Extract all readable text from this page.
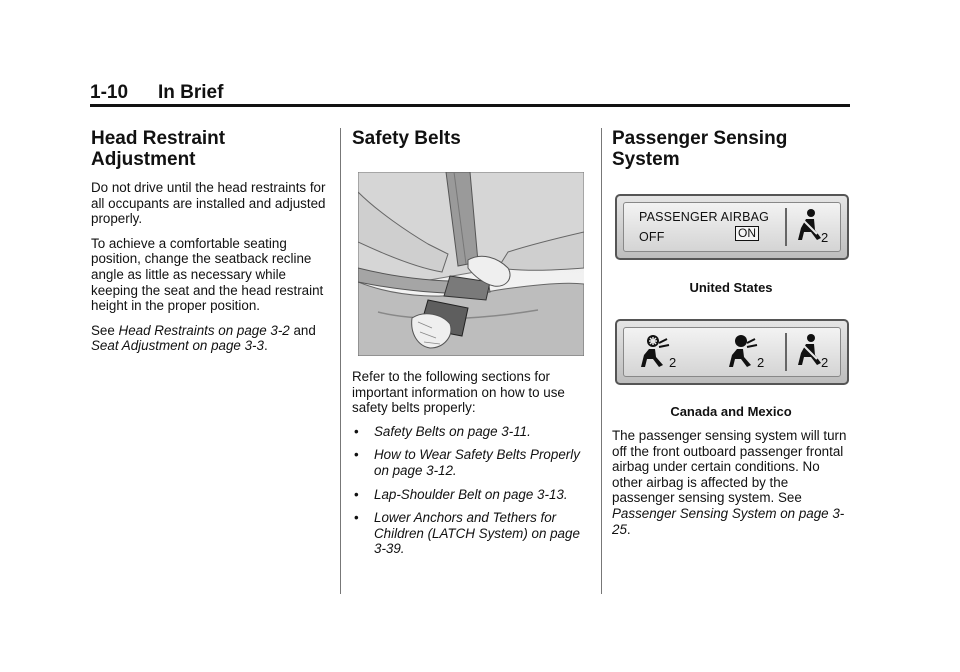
1-10 In Brief
Head Restraint Adjustment

Do not drive until the head restraints for all occupants are installed and adjusted properly.

To achieve a comfortable seating position, change the seatback recline angle as little as necessary while keeping the seat and the head restraint height in the proper position.

See Head Restraints on page 3-2 and Seat Adjustment on page 3-3.

Safety Belts

Refer to the following sections for important information on how to use safety belts properly:

• Safety Belts on page 3-11.
• How to Wear Safety Belts Properly on page 3-12.
• Lap-Shoulder Belt on page 3-13.
• Lower Anchors and Tethers for Children (LATCH System) on page 3-39.
Passenger Sensing System
PASSENGER AIRBAG
OFF	ON	2
United States
2	2	2
Canada and Mexico

The passenger sensing system will turn off the front outboard passenger frontal airbag under certain conditions. No other airbag is affected by the passenger sensing system. See Passenger Sensing System on page 3-25.
